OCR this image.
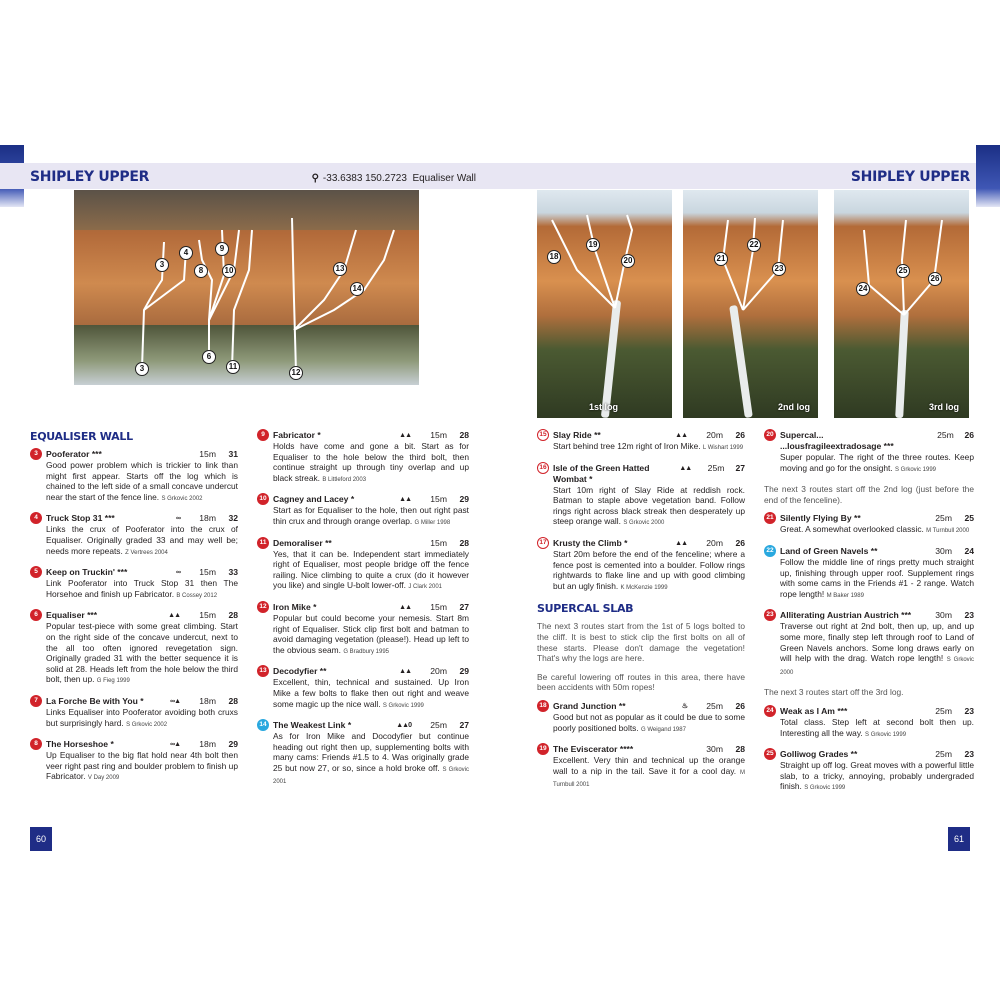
SHIPLEY UPPER	⚲ -33.6383 150.2723 Equaliser Wall
3
4	9
8	10	13
14
3
6
11
12
EQUALISER WALL
3 Pooferator ***	15m	31
Good power problem which is trickier to link than might first appear. Starts off the log which is chained to the left side of a small concave undercut near the start of the fence line. S Grkovic 2002
4 Truck Stop 31 ***	∞	18m	32
Links the crux of Pooferator into the crux of Equaliser. Originally graded 33 and may well be; needs more repeats. Z Vertrees 2004
5 Keep on Truckin' ***	∞	15m	33
Link Pooferator into Truck Stop 31 then The Horsehoe and finish up Fabricator. B Cossey 2012
6 Equaliser ***	▲▲	15m	28
Popular test-piece with some great climbing. Start on the right side of the concave undercut, next to the all too often ignored revegetation sign. Originally graded 31 with the better sequence it is solid at 28. Heads left from the hole below the third bolt, then up. G Fieg 1999
7 La Forche Be with You *	∞▲	18m	28
Links Equaliser into Pooferator avoiding both cruxs but surprisingly hard. S Grkovic 2002
8 The Horseshoe *	∞▲	18m	29
Up Equaliser to the big flat hold near 4th bolt then veer right past ring and boulder problem to finish up Fabricator. V Day 2009
9 Fabricator *	▲▲	15m	28
Holds have come and gone a bit. Start as for Equaliser to the hole below the third bolt, then continue straight up through tiny overlap and up black streak. B Littleford 2003
10 Cagney and Lacey *	▲▲	15m	29
Start as for Equaliser to the hole, then out right past thin crux and through orange overlap. G Miller 1998
11 Demoraliser **	15m	28
Yes, that it can be. Independent start immediately right of Equaliser, most people bridge off the fence railing. Nice climbing to quite a crux (do it however you like) and single U-bolt lower-off. J Clark 2001
12 Iron Mike *	▲▲	15m	27
Popular but could become your nemesis. Start 8m right of Equaliser. Stick clip first bolt and batman to avoid damaging vegetation (please!). Head up left to the obvious seam. G Bradbury 1995
13 Decodyfier **	▲▲	20m	29
Excellent, thin, technical and sustained. Up Iron Mike a few bolts to flake then out right and weave some magic up the nice wall. S Grkovic 1999
14 The Weakest Link *	▲▲0	25m	27
As for Iron Mike and Docodyfier but continue heading out right then up, supplementing bolts with many cams: Friends #1.5 to 4. Was originally grade 25 but now 27, or so, since a hold broke off. S Grkovic 2001
60
SHIPLEY UPPER
18
19
20
1st log
21
22
23
2nd log
24
25
26
3rd log
15 Slay Ride **	▲▲	20m	26
Start behind tree 12m right of Iron Mike. L Wishart 1999
16 Isle of the Green Hatted Wombat *
▲▲	25m	27
Start 10m right of Slay Ride at reddish rock. Batman to staple above vegetation band. Follow rings right across black streak then desperately up steep orange wall. S Grkovic 2000
17 Krusty the Climb *	▲▲	20m	26
Start 20m before the end of the fenceline; where a fence post is cemented into a boulder. Follow rings rightwards to flake line and up with good climbing but an ugly finish. K McKenzie 1999
SUPERCAL SLAB
The next 3 routes start from the 1st of 5 logs bolted to the cliff. It is best to stick clip the first bolts on all of these starts. Please don't damage the vegetation! That's why the logs are here.
Be careful lowering off routes in this area, there have been accidents with 50m ropes!
18 Grand Junction **	♨	25m	26
Good but not as popular as it could be due to some poorly positioned bolts. G Weigand 1987
19 The Eviscerator ****	30m	28
Excellent. Very thin and technical up the orange wall to a nip in the tail. Save it for a cool day. M Turnbull 2001
20 Supercal... ...lousfragileextradosage ***
25m	26
Super popular. The right of the three routes. Keep moving and go for the onsight. S Grkovic 1999
The next 3 routes start off the 2nd log (just before the end of the fenceline).
21 Silently Flying By **	25m	25
Great. A somewhat overlooked classic. M Turnbull 2000
22 Land of Green Navels **	30m	24
Follow the middle line of rings pretty much straight up, finishing through upper roof. Supplement rings with some cams in the Friends #1 - 2 range. Watch rope length! M Baker 1989
23 Alliterating Austrian Austrich ***	30m	23
Traverse out right at 2nd bolt, then up, up, and up some more, finally step left through roof to Land of Green Navels anchors. Some long draws early on will help with the drag. Watch rope length! S Grkovic 2000
The next 3 routes start off the 3rd log.
24 Weak as I Am ***	25m	23
Total class. Step left at second bolt then up. Interesting all the way. S Grkovic 1999
25 Golliwog Grades **	25m	23
Straight up off log. Great moves with a powerful little slab, to a tricky, annoying, probably undergraded finish. S Grkovic 1999
61
